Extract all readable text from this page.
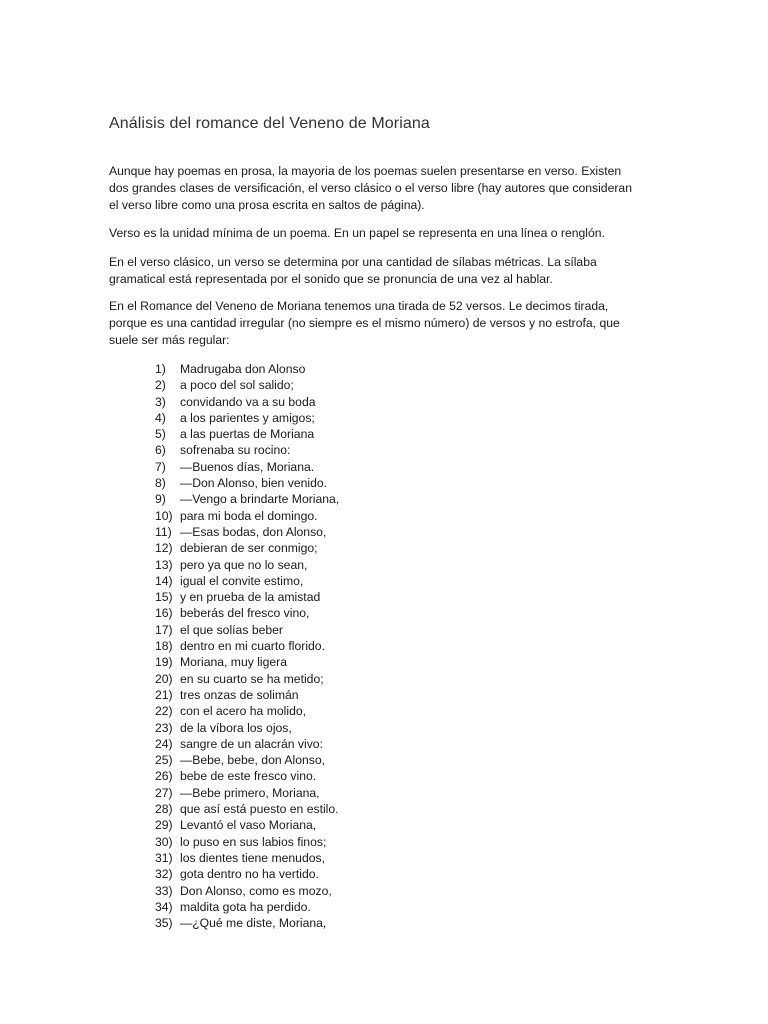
Análisis del romance del Veneno de Moriana
Aunque hay poemas en prosa, la mayoria de los poemas suelen presentarse en verso. Existen
dos grandes clases de versificación, el verso clásico o el verso libre (hay autores que consideran
el verso libre como una prosa escrita en saltos de página).
Verso es la unidad mínima de un poema. En un papel se representa en una línea o renglón.
En el verso clásico, un verso se determina por una cantidad de sílabas métricas. La sílaba
gramatical está representada por el sonido que se pronuncia de una vez al hablar.
En el Romance del Veneno de Moriana tenemos una tirada de 52 versos. Le decimos tirada,
porque es una cantidad irregular (no siempre es el mismo número) de versos y no estrofa, que
suele ser más regular:
1) Madrugaba don Alonso
2) a poco del sol salido;
3) convidando va a su boda
4) a los parientes y amigos;
5) a las puertas de Moriana
6) sofrenaba su rocino:
7) —Buenos días, Moriana.
8) —Don Alonso, bien venido.
9) —Vengo a brindarte Moriana,
10) para mi boda el domingo.
11) —Esas bodas, don Alonso,
12) debieran de ser conmigo;
13) pero ya que no lo sean,
14) igual el convite estimo,
15) y en prueba de la amistad
16) beberás del fresco vino,
17) el que solías beber
18) dentro en mi cuarto florido.
19) Moriana, muy ligera
20) en su cuarto se ha metido;
21) tres onzas de solimán
22) con el acero ha molido,
23) de la víbora los ojos,
24) sangre de un alacrán vivo:
25) —Bebe, bebe, don Alonso,
26) bebe de este fresco vino.
27) —Bebe primero, Moriana,
28) que así está puesto en estilo.
29) Levantó el vaso Moriana,
30) lo puso en sus labios finos;
31) los dientes tiene menudos,
32) gota dentro no ha vertido.
33) Don Alonso, como es mozo,
34) maldita gota ha perdido.
35) —¿Qué me diste, Moriana,
